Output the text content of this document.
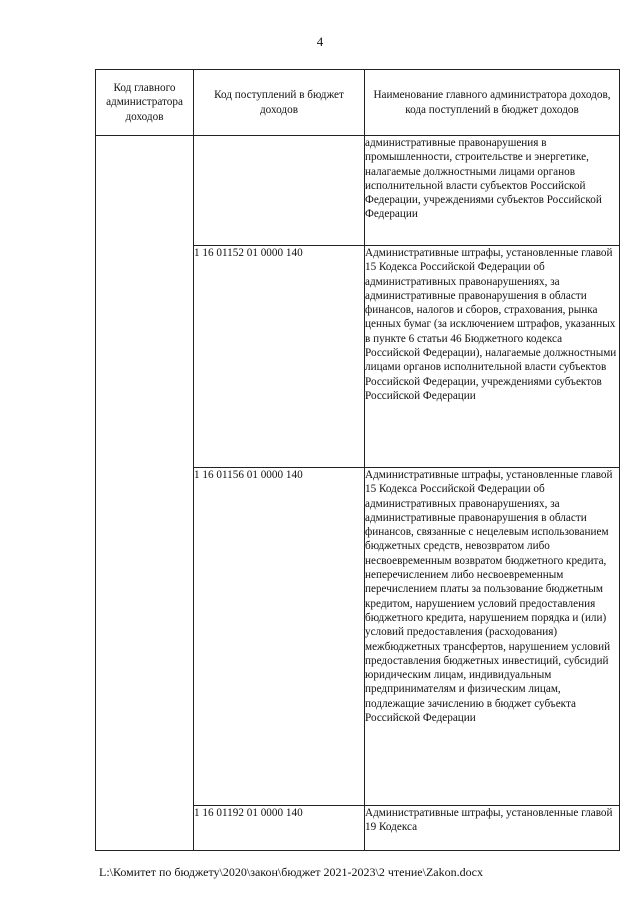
4
Код главного администратора доходов	Код поступлений в бюджет доходов	Наименование главного администратора доходов, кода поступлений в бюджет доходов
		административные правонарушения в промышленности, строительстве и энергетике, налагаемые должностными лицами органов исполнительной власти субъектов Российской Федерации, учреждениями субъектов Российской Федерации
	1 16 01152 01 0000 140	Административные штрафы, установленные главой 15 Кодекса Российской Федерации об административных правонарушениях, за административные правонарушения в области финансов, налогов и сборов, страхования, рынка ценных бумаг (за исключением штрафов, указанных в пункте 6 статьи 46 Бюджетного кодекса Российской Федерации), налагаемые должностными лицами органов исполнительной власти субъектов Российской Федерации, учреждениями субъектов Российской Федерации
	1 16 01156 01 0000 140	Административные штрафы, установленные главой 15 Кодекса Российской Федерации об административных правонарушениях, за административные правонарушения в области финансов, связанные с нецелевым использованием бюджетных средств, невозвратом либо несвоевременным возвратом бюджетного кредита, неперечислением либо несвоевременным перечислением платы за пользование бюджетным кредитом, нарушением условий предоставления бюджетного кредита, нарушением порядка и (или) условий предоставления (расходования) межбюджетных трансфертов, нарушением условий предоставления бюджетных инвестиций, субсидий юридическим лицам, индивидуальным предпринимателям и физическим лицам, подлежащие зачислению в бюджет субъекта Российской Федерации
	1 16 01192 01 0000 140	Административные штрафы, установленные главой 19 Кодекса
L:\Комитет по бюджету\2020\закон\бюджет 2021-2023\2 чтение\Zakon.docx
